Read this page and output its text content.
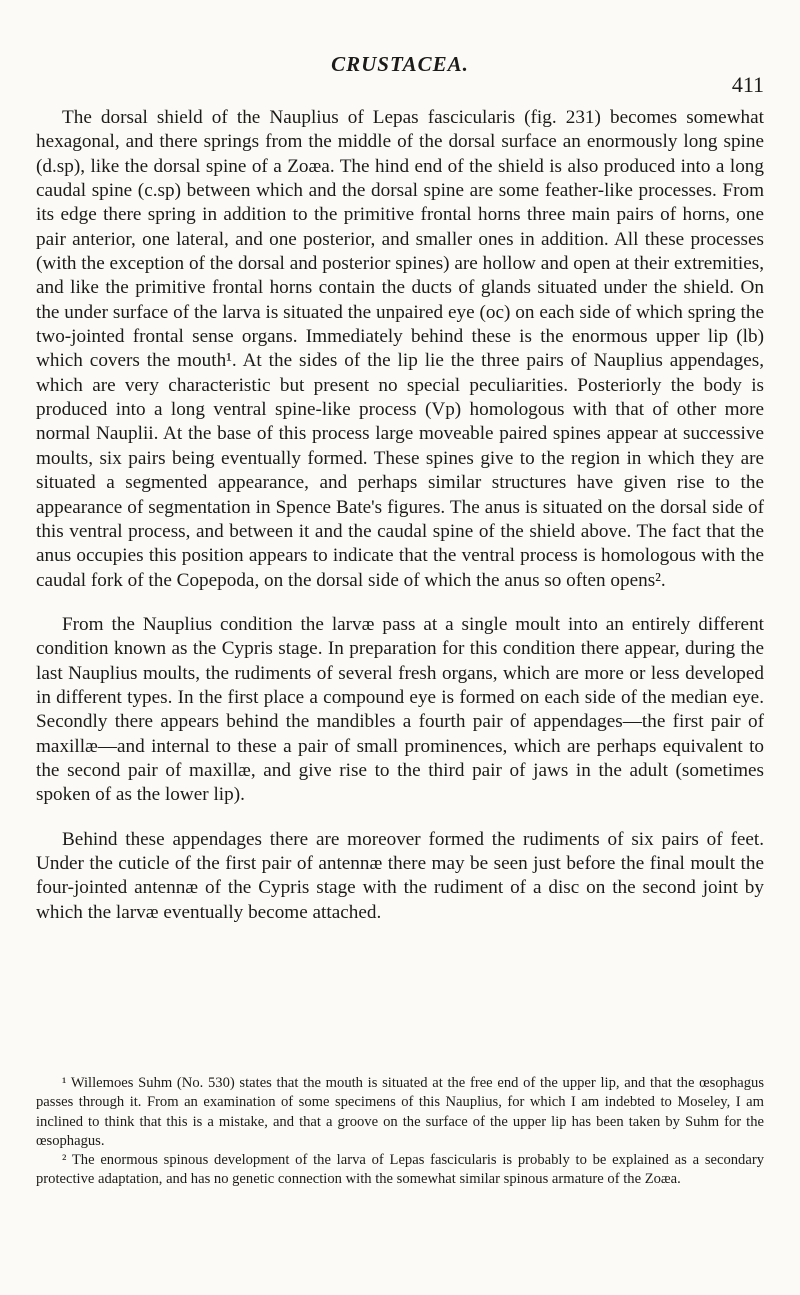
CRUSTACEA.
411

The dorsal shield of the Nauplius of Lepas fascicularis (fig. 231) becomes somewhat hexagonal, and there springs from the middle of the dorsal surface an enormously long spine (d.sp), like the dorsal spine of a Zoæa. The hind end of the shield is also produced into a long caudal spine (c.sp) between which and the dorsal spine are some feather-like processes. From its edge there spring in addition to the primitive frontal horns three main pairs of horns, one pair anterior, one lateral, and one posterior, and smaller ones in addition. All these processes (with the exception of the dorsal and posterior spines) are hollow and open at their extremities, and like the primitive frontal horns contain the ducts of glands situated under the shield. On the under surface of the larva is situated the unpaired eye (oc) on each side of which spring the two-jointed frontal sense organs. Immediately behind these is the enormous upper lip (lb) which covers the mouth¹. At the sides of the lip lie the three pairs of Nauplius appendages, which are very characteristic but present no special peculiarities. Posteriorly the body is produced into a long ventral spine-like process (Vp) homologous with that of other more normal Nauplii. At the base of this process large moveable paired spines appear at successive moults, six pairs being eventually formed. These spines give to the region in which they are situated a segmented appearance, and perhaps similar structures have given rise to the appearance of segmentation in Spence Bate's figures. The anus is situated on the dorsal side of this ventral process, and between it and the caudal spine of the shield above. The fact that the anus occupies this position appears to indicate that the ventral process is homologous with the caudal fork of the Copepoda, on the dorsal side of which the anus so often opens².

From the Nauplius condition the larvæ pass at a single moult into an entirely different condition known as the Cypris stage. In preparation for this condition there appear, during the last Nauplius moults, the rudiments of several fresh organs, which are more or less developed in different types. In the first place a compound eye is formed on each side of the median eye. Secondly there appears behind the mandibles a fourth pair of appendages—the first pair of maxillæ—and internal to these a pair of small prominences, which are perhaps equivalent to the second pair of maxillæ, and give rise to the third pair of jaws in the adult (sometimes spoken of as the lower lip).

Behind these appendages there are moreover formed the rudiments of six pairs of feet. Under the cuticle of the first pair of antennæ there may be seen just before the final moult the four-jointed antennæ of the Cypris stage with the rudiment of a disc on the second joint by which the larvæ eventually become attached.

¹ Willemoes Suhm (No. 530) states that the mouth is situated at the free end of the upper lip, and that the œsophagus passes through it. From an examination of some specimens of this Nauplius, for which I am indebted to Moseley, I am inclined to think that this is a mistake, and that a groove on the surface of the upper lip has been taken by Suhm for the œsophagus.

² The enormous spinous development of the larva of Lepas fascicularis is probably to be explained as a secondary protective adaptation, and has no genetic connection with the somewhat similar spinous armature of the Zoæa.
